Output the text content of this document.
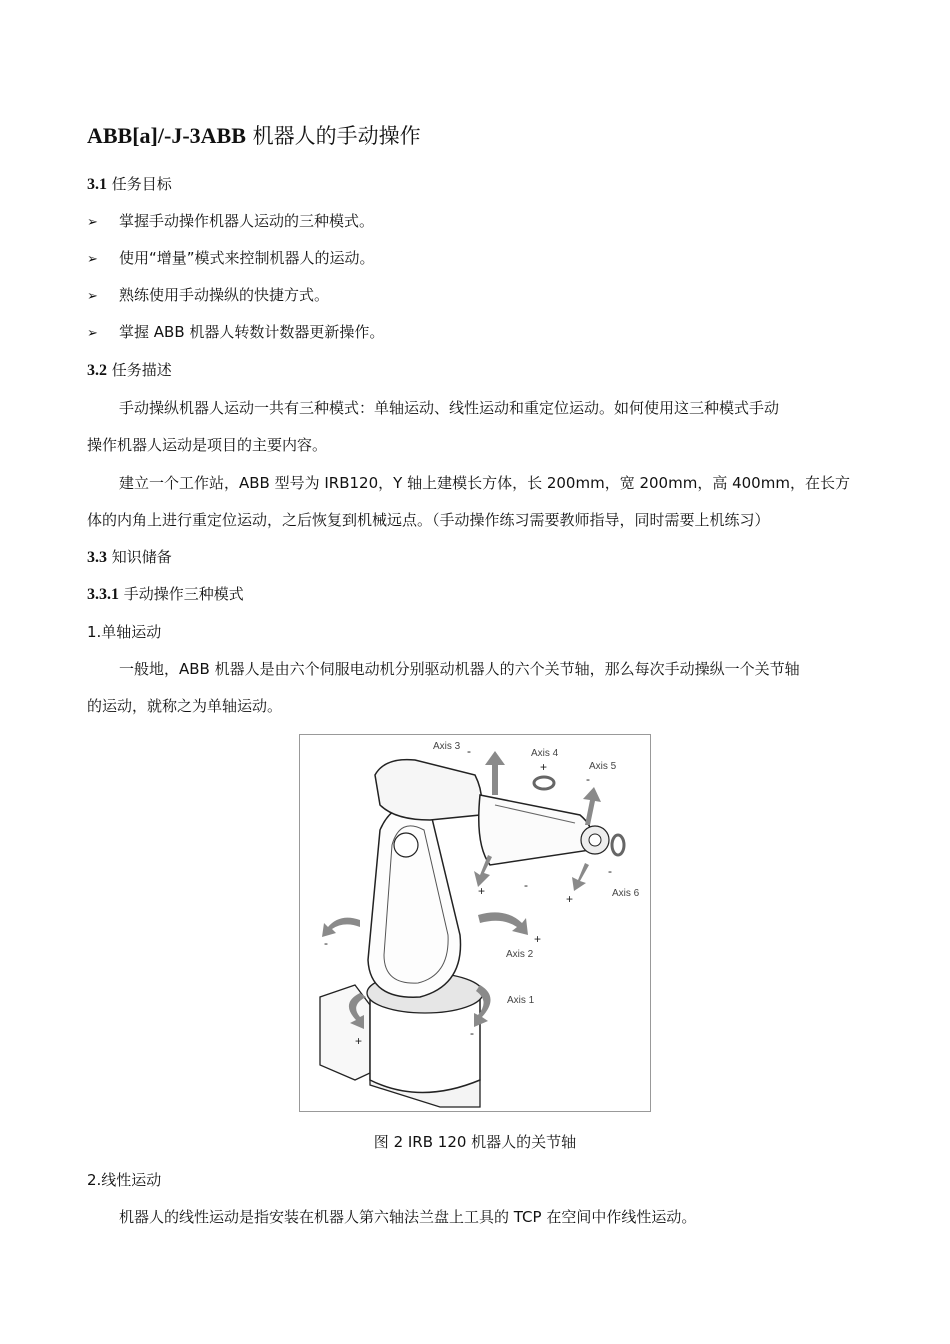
ABB[a]/-J-3ABB 机器人的手动操作
3.1 任务目标
➢ 掌握手动操作机器人运动的三种模式。
➢ 使用“增量”模式来控制机器人的运动。
➢ 熟练使用手动操纵的快捷方式。
➢ 掌握 ABB 机器人转数计数器更新操作。
3.2 任务描述
手动操纵机器人运动一共有三种模式：单轴运动、线性运动和重定位运动。如何使用这三种模式手动
操作机器人运动是项目的主要内容。
建立一个工作站，ABB 型号为 IRB120，Y 轴上建模长方体，长 200mm，宽 200mm，高 400mm，在长方
体的内角上进行重定位运动，之后恢复到机械远点。（手动操作练习需要教师指导，同时需要上机练习）
3.3 知识储备
3.3.1 手动操作三种模式
1.单轴运动
一般地，ABB 机器人是由六个伺服电动机分别驱动机器人的六个关节轴，那么每次手动操纵一个关节轴
的运动，就称之为单轴运动。
Axis 3
Axis 4
Axis 5
Axis 6
Axis 2
Axis 1
-
+
-
+	-
+
-
-	+
+
-
图 2 IRB 120 机器人的关节轴
2.线性运动
机器人的线性运动是指安装在机器人第六轴法兰盘上工具的 TCP 在空间中作线性运动。
